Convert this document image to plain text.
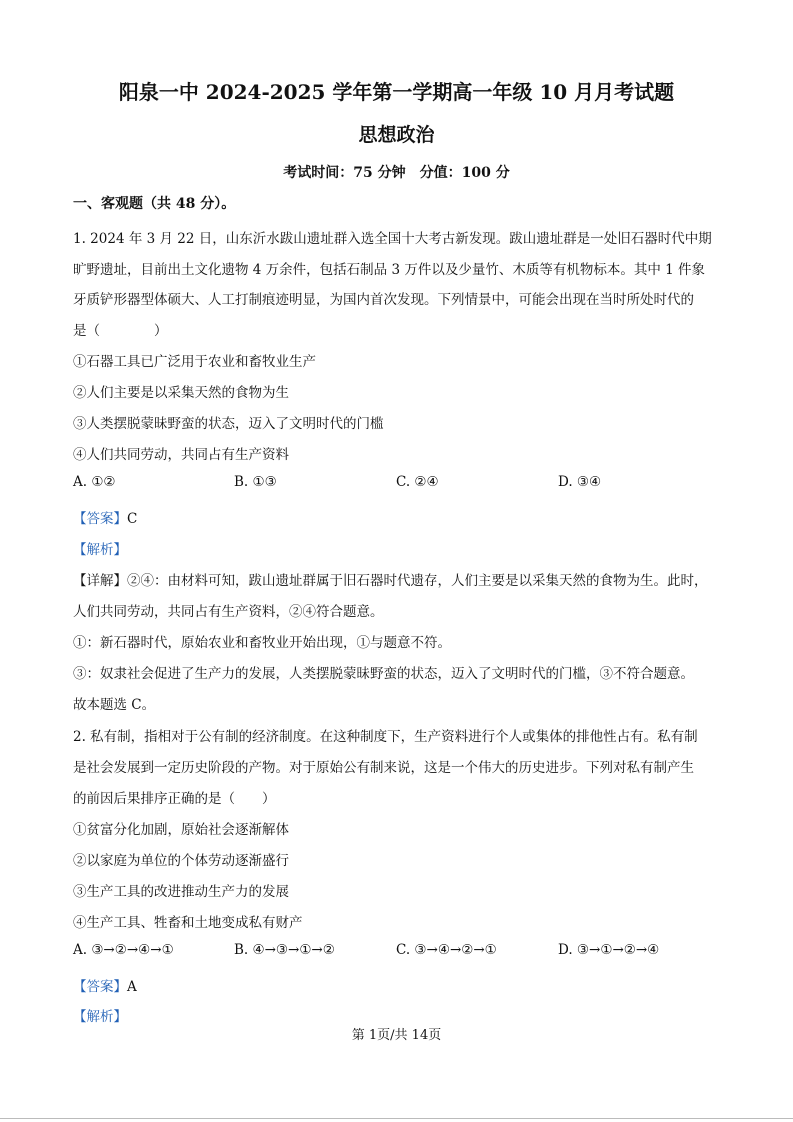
阳泉一中 2024-2025 学年第一学期高一年级 10 月月考试题
思想政治
考试时间：75 分钟　分值：100 分
一、客观题（共 48 分）。
1. 2024 年 3 月 22 日，山东沂水跋山遗址群入选全国十大考古新发现。跋山遗址群是一处旧石器时代中期
旷野遗址，目前出土文化遗物 4 万余件，包括石制品 3 万件以及少量竹、木质等有机物标本。其中 1 件象
牙质铲形器型体硕大、人工打制痕迹明显，为国内首次发现。下列情景中，可能会出现在当时所处时代的
是（　　　　）
①石器工具已广泛用于农业和畜牧业生产
②人们主要是以采集天然的食物为生
③人类摆脱蒙昧野蛮的状态，迈入了文明时代的门槛
④人们共同劳动，共同占有生产资料
A. ①②	B. ①③	C. ②④	D. ③④
【答案】C
【解析】
【详解】②④：由材料可知，跋山遗址群属于旧石器时代遗存，人们主要是以采集天然的食物为生。此时，
人们共同劳动，共同占有生产资料，②④符合题意。
①：新石器时代，原始农业和畜牧业开始出现，①与题意不符。
③：奴隶社会促进了生产力的发展，人类摆脱蒙昧野蛮的状态，迈入了文明时代的门槛，③不符合题意。
故本题选 C。
2. 私有制，指相对于公有制的经济制度。在这种制度下，生产资料进行个人或集体的排他性占有。私有制
是社会发展到一定历史阶段的产物。对于原始公有制来说，这是一个伟大的历史进步。下列对私有制产生
的前因后果排序正确的是（　　）
①贫富分化加剧，原始社会逐渐解体
②以家庭为单位的个体劳动逐渐盛行
③生产工具的改进推动生产力的发展
④生产工具、牲畜和土地变成私有财产
A. ③→②→④→①	B. ④→③→①→②	C. ③→④→②→①	D. ③→①→②→④
【答案】A
【解析】
第 1页/共 14页
